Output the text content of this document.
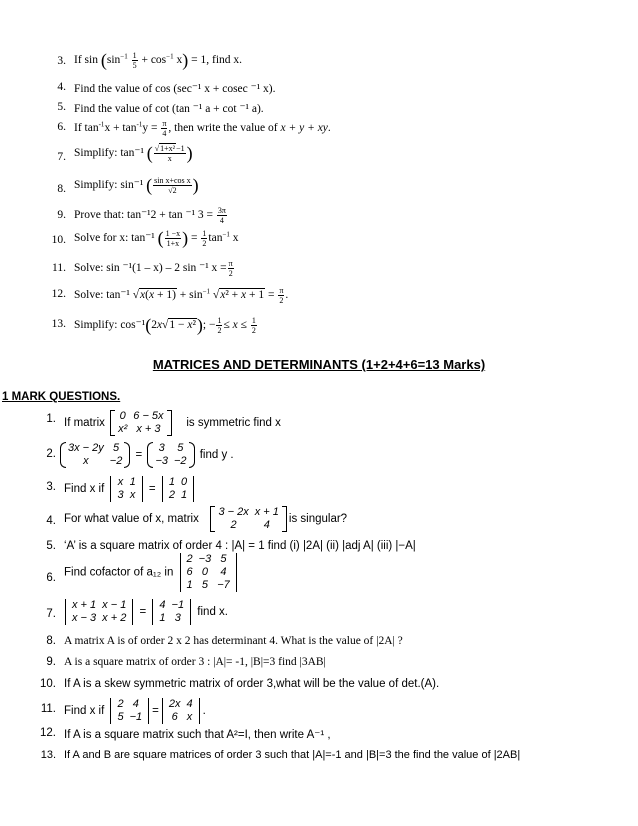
3. If $\sin (\sin^{-1} \frac{1}{5} + \cos^{-1} x) = 1$, find x.
4. Find the value of cos (sec⁻¹ x + cosec ⁻¹ x).
5. Find the value of cot (tan ⁻¹ a + cot ⁻¹ a).
6. If $\tan^{-1}x + \tan^{-1}y = \frac{\pi}{4}$ , then write the value of x + y + xy.
7. Simplify: tan⁻¹ ( $\frac{\text{√1+x²−1}}{x}$ )
8. Simplify: sin⁻¹ ( $\frac{\text{sin x+cos x}}{√2}$ )
9. Prove that: tan⁻¹2 + tan ⁻¹ $3 = \frac{3\pi}{4}$
10. Solve for x: tan⁻¹ ( $\frac{1 -x}{1+x}$ ) = $\frac{1}{2} \tan^{-1} x$
11. Solve: sin ⁻¹(1 – x) – 2 sin ⁻¹ $x = \frac{\pi}{2}$
12. Solve: tan⁻¹ $√x(x + 1) + \sin^{-1} √x^2 + x + 1 = \frac{\pi}{2}$ .
13. Simplify: cos⁻¹(2x√1 − x²); − $\frac{1}{2} \le x \le \frac{1}{2}$
MATRICES AND DETERMINANTS (1+2+4+6=13 Marks)
1 MARK QUESTIONS.
1. If matrix
0	6 − 5x
x²	x + 3 is symmetric find x
2. 3x − 2y	5
x	−2 =
3	5
−3	−2 find y .
3. Find x if
x	1
3	x =
1	0
2	1
4. For what value of x, matrix
3 − 2x	x + 1
2	4 is singular?
5. ‘A’ is a square matrix of order 4 : |A| = 1 find (i) |2A| (ii) |adj A| (iii) |−A|
6. Find cofactor of a₁₂ in
2	−3	5
6	0	4
1	5	−7
7.
x + 1	x − 1
x − 3	x + 2 =
4	−1
1	3 find x.
8. A matrix A is of order 2 x 2 has determinant 4. What is the value of |2A| ?
9. A is a square matrix of order 3 : |A|= -1, |B|=3 find |3AB|
10. If A is a skew symmetric matrix of order 3,what will be the value of det.(A).
11. Find x if
2	4
5	−1 =
2x	4
6	x .
12. If A is a square matrix such that A²=I, then write A⁻¹ ,
13. If A and B are square matrices of order 3 such that |A|=-1 and |B|=3 the find the value of |2AB|
